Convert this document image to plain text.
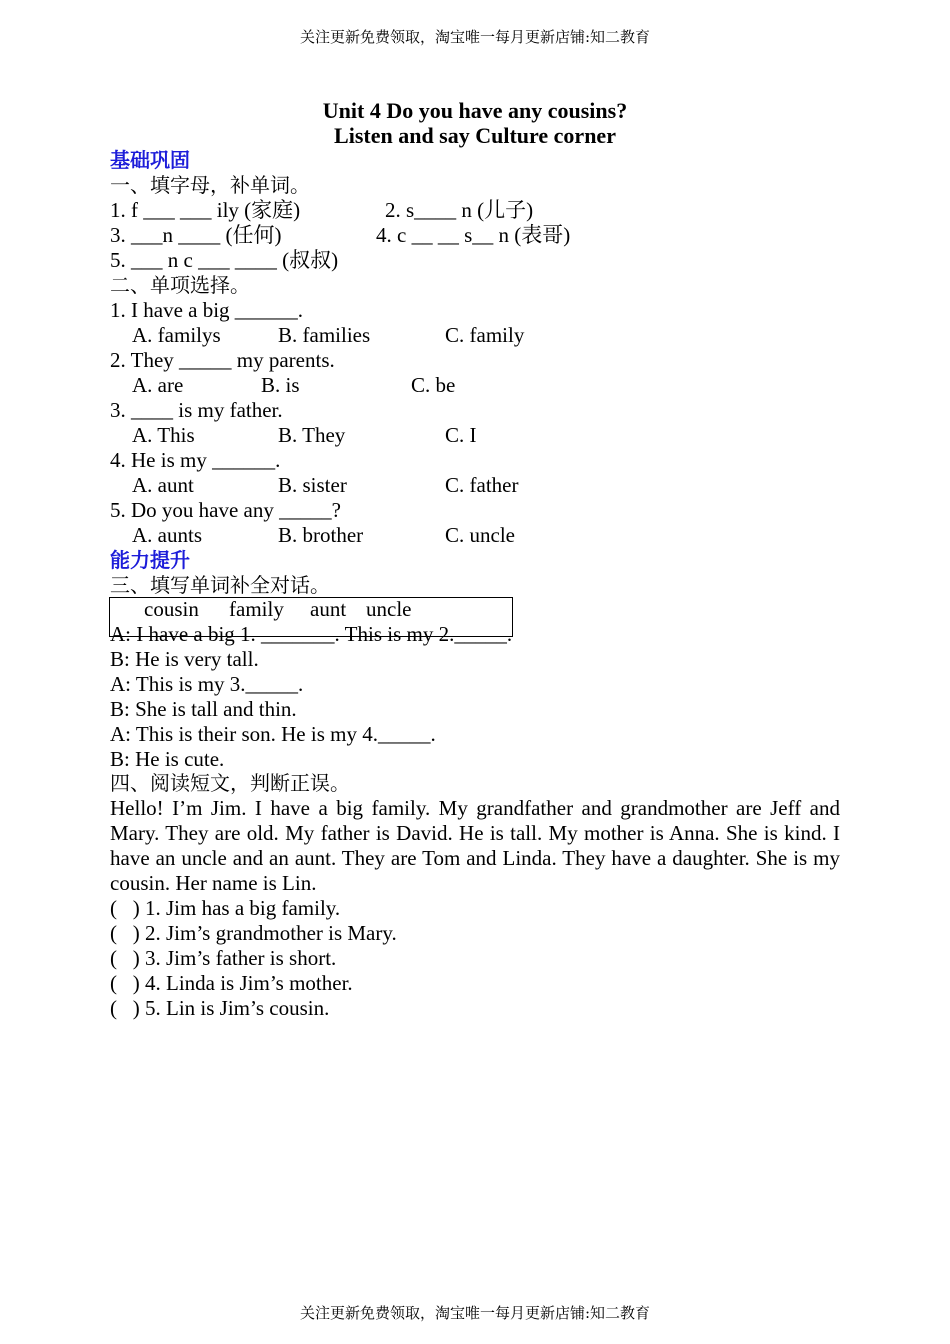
关注更新免费领取，淘宝唯一每月更新店铺:知二教育
Unit 4 Do you have any cousins?
Listen and say Culture corner
基础巩固
一、填字母，补单词。
1. f ___ ___ ily (家庭)	2. s____ n (儿子)
3. ___n ____ (任何)	4. c __ __ s__ n (表哥)
5. ___ n c ___ ____ (叔叔)
二、单项选择。
1. I have a big ______.
A. familys	B. families	C. family
2. They _____ my parents.
A. are	B. is	C. be
3. ____ is my father.
A. This	B. They	C. I
4. He is my ______.
A. aunt	B. sister	C. father
5. Do you have any _____?
A. aunts	B. brother	C. uncle
能力提升
三、填写单词补全对话。
cousin family aunt uncle
A: I have a big 1. _______. This is my 2._____.
B: He is very tall.
A: This is my 3._____.
B: She is tall and thin.
A: This is their son. He is my 4._____.
B: He is cute.
四、阅读短文，判断正误。
Hello! I’m Jim. I have a big family. My grandfather and grandmother are Jeff and Mary. They are old. My father is David. He is tall. My mother is Anna. She is kind. I have an uncle and an aunt. They are Tom and Linda. They have a daughter. She is my cousin. Her name is Lin.
(   ) 1. Jim has a big family.
(   ) 2. Jim’s grandmother is Mary.
(   ) 3. Jim’s father is short.
(   ) 4. Linda is Jim’s mother.
(   ) 5. Lin is Jim’s cousin.
关注更新免费领取，淘宝唯一每月更新店铺:知二教育
